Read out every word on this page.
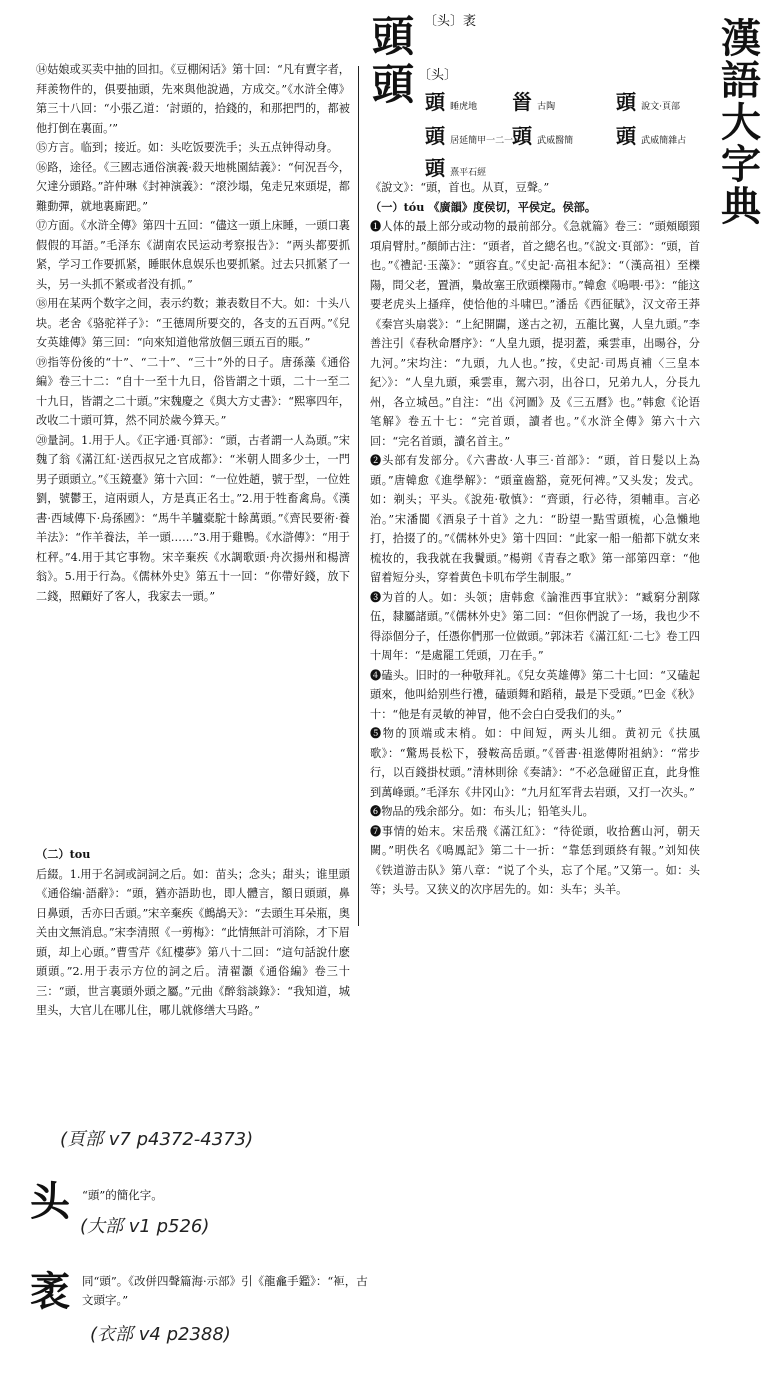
漢
語
大
字
典
〔头〕袤
頭
頭 〔头〕
頭 睡虎地 𩠐 古陶	頭 說文·頁部
頭 居延簡甲一二一
頭 武威醫簡 頭 武威簡雜占
頭 熹平石經

⑭姑娘或买卖中抽的回扣。《豆棚闲话》第十回：“凡有賣字者，拜羨物件的，俱要抽頭，先來與他說過，方成交。”《水浒全傳》第三十八回：“小張乙道：‘討頭的，拾錢的，和那把門的，都被他打倒在裏面。’”

⑮方言。临到；接近。如：头吃饭要洗手；头五点钟得动身。

⑯路，途径。《三國志通俗演義·殺天地桃園結義》：“何況吾今，欠達分頭路。”許仲琳《封神演義》：“滾沙塌，兔走兄來頭堤，都難動彈，就地裏廝跁。”

⑰方面。《水浒全傳》第四十五回：“儘这一頭上床睡，一頭口裏假假的耳語。”毛泽东《湖南农民运动考察报告》：“两头都要抓紧，学习工作要抓紧，睡眠休息娱乐也要抓紧。过去只抓紧了一头，另一头抓不紧或者没有抓。”

⑱用在某两个数字之间，表示约数；兼表数目不大。如：十头八块。老舍《骆驼祥子》：“王德周所要交的，各支的五百两。”《兒女英雄傳》第三回：“向來知道他常放個三頭五百的賬。”

⑲指等份後的“十”、“二十”、“三十”外的日子。唐孫藻《通俗編》卷三十二：“自十一至十九日，俗皆謂之十頭，二十一至二十九日，皆謂之二十頭。”宋魏慶之《與大方丈書》：“熙寧四年，改收二十頭可算，然不同於歲今算天。”

⑳量詞。1.用于人。《正字通·頁部》：“頭，古者謂一人為頭。”宋魏了翁《滿江紅·送西叔兄之官成都》：“米朝人間多少士，一門男子頭頭立。”《玉鏡臺》第十六回：“一位姓趙，號于型，一位姓劉，號鬱王，這兩頭人，方是真正名士。”2.用于牲畜禽鳥。《漢書·西域傳下·烏孫國》：“馬牛羊驢橐駝十餘萬頭。”《齊民要術·養羊法》：“作羊養法，羊一頭……”3.用于雞鴨。《水滸傳》：“用于杠秤。”4.用于其它事物。宋辛棄疾《水調歌頭·舟次揚州和楊濟翁》。5.用于行為。《儒林外史》第五十一回：“你帶好錢，放下二錢，照顧好了客人，我家去一頭。”

（二）tou

后綴。1.用于名詞或詞詞之后。如：苗头；念头；甜头；谁里頭《通俗编·語辭》：“頭，猶亦語助也，即人體言，額日頭頭，鼻日鼻頭，舌亦曰舌頭。”宋辛棄疾《鷓鴣天》：“去頭生耳朵瓶，奥关由文無消息。”宋李清照《一剪梅》：“此情無計可消除，才下眉頭，却上心頭。”曹雪芹《紅樓夢》第八十二回：“這句話說什麽頭頭。”2.用于表示方位的詞之后。清翟灝《通俗編》卷三十三：“頭，世言裏頭外頭之屬。”元曲《醉翁談錄》：“我知道，城里头，大官儿在哪儿住，哪儿就修缮大马路。”

《說文》：“頭，首也。从頁，豆聲。”

（一）tóu 《廣韻》度侯切，平侯定。侯部。

❶人体的最上部分或动物的最前部分。《急就篇》卷三：“頭頰頤頸項肩臂肘。”顏師古注：“頭者，首之總名也。”《說文·頁部》：“頭，首也。”《禮記·玉藻》：“頭容直。”《史記·高祖本紀》：“（漢高祖）至櫟陽，問父老，置酒，梟故塞王欣頭櫟陽市。”韓愈《嗚喂·弔》：“能这要老虎头上搔痒，使恰他的斗啸巴。”潘岳《西征賦》，汉文帝王莽《秦宫头扇裳》：“上紀開闢，遂古之初，五龍比翼，人皇九頭。”李善注引《春秋命曆序》：“人皇九頭，提羽蓋，乘雲車，出暘谷，分九河。”宋均注：“九頭，九人也。”按，《史記·司馬貞補〈三皇本紀〉》：“人皇九頭，乘雲車，駕六羽，出谷口，兄弟九人，分長九州，各立城邑。”自注：“出《河圖》及《三五曆》也。”韩愈《论语笔解》卷五十七：“完首頭，讀者也。”《水浒全傳》第六十六回：“完名首頭，讀名首主。”

❷头部有发部分。《六書故·人事三·首部》：“頭，首日髪以上為頭。”唐韓愈《進學解》：“頭童齒豁，竟死何裨。”又头发；发式。如：剃头；平头。《說苑·敬慎》：“齊頭，行必待，須輔車。言必治。”宋潘閬《酒泉子十首》之九：“盼望一點雪頭梳，心急懶地打，拾掇了的。”《儒林外史》第十四回：“此家一船一船都下就女来梳妆的，我我就在我鬢頭。”楊朔《青春之歌》第一部第四章：“他留着短分头，穿着黄色卡叽布学生制服。”

❸为首的人。如：头领；唐韩愈《論淮西事宜狀》：“臧窮分割隊伍，隸屬諸頭。”《儒林外史》第二回：“但你們說了一场，我也少不得添個分子，任憑你們那一位做頭。”郭沫若《滿江紅·二七》卷工四十周年：“是處罷工凭頭，刀在手。”

❹磕头。旧时的一种敬拜礼。《兒女英雄傳》第二十七回：“又磕起頭來，他叫給别些行禮，磕頭舞和蹈稍，最是下受頭。”巴金《秋》十：“他是有灵敏的神冒，他不会白白受我们的头。”

❺物的顶端或末梢。如：中间短，两头儿细。黄初元《扶風歌》：“驚馬長松下，發鞍高岳頭。”《晉書·祖逖傳附祖納》：“常步行，以百錢掛杖頭。”清林則徐《奏請》：“不必急碰留正直，此身惟到萬峰頭。”毛泽东《井冈山》：“九月紅军背去岩頭，又打一次头。”

❻物品的残余部分。如：布头儿；铅笔头儿。

❼事情的始末。宋岳飛《滿江紅》：“待從頭，收拾舊山河，朝天闕。”明佚名《鳴鳳記》第二十一折：“靠恁到頭終有報。”刘知侠《铁道游击队》第八章：“说了个头，忘了个尾。”又第一。如：头等；头号。又狭义的次序居先的。如：头车；头羊。

(頁部 v7 p4372-4373)
头 “頭”的簡化字。
(大部 v1 p526)
袤 同“頭”。《改併四聲篇海·示部》引《龍龕手鑑》：“𧙅，古文頭字。”
(衣部 v4 p2388)
